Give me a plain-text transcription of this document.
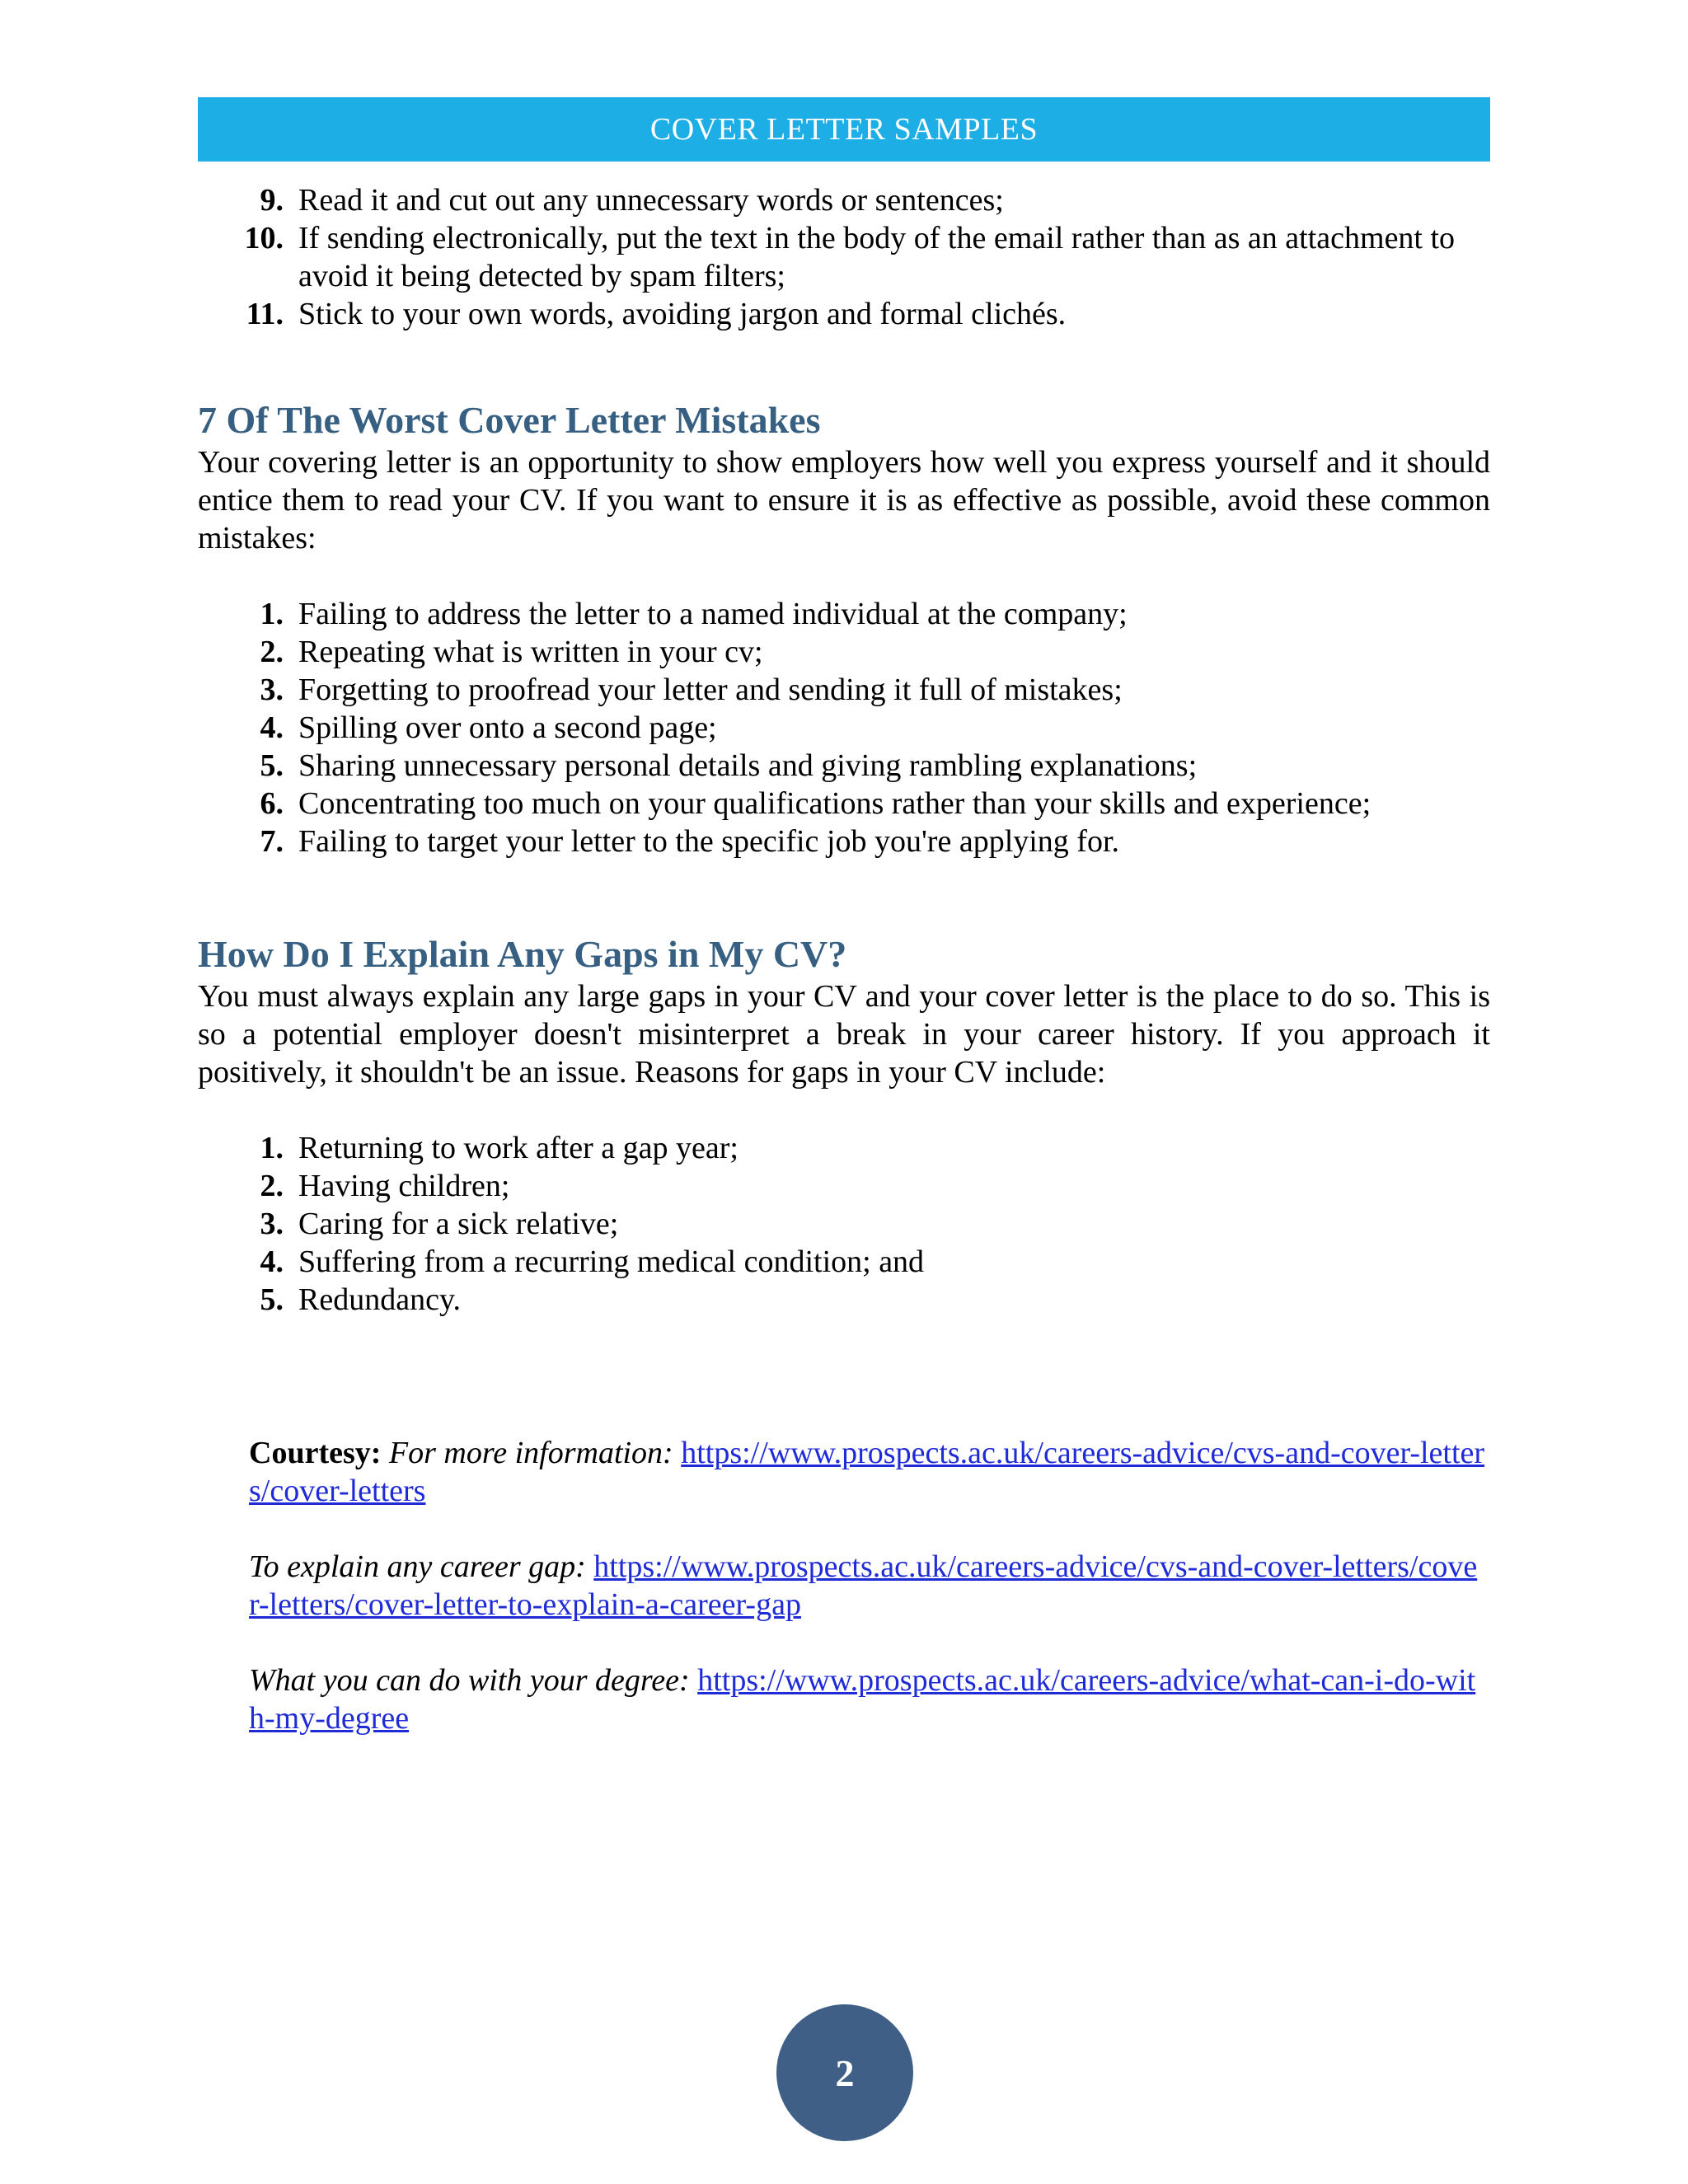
COVER LETTER SAMPLES
9. Read it and cut out any unnecessary words or sentences;
10. If sending electronically, put the text in the body of the email rather than as an attachment to avoid it being detected by spam filters;
11. Stick to your own words, avoiding jargon and formal clichés.
7 Of The Worst Cover Letter Mistakes

Your covering letter is an opportunity to show employers how well you express yourself and it should entice them to read your CV. If you want to ensure it is as effective as possible, avoid these common mistakes:

1. Failing to address the letter to a named individual at the company;
2. Repeating what is written in your cv;
3. Forgetting to proofread your letter and sending it full of mistakes;
4. Spilling over onto a second page;
5. Sharing unnecessary personal details and giving rambling explanations;
6. Concentrating too much on your qualifications rather than your skills and experience;
7. Failing to target your letter to the specific job you're applying for.
How Do I Explain Any Gaps in My CV?

You must always explain any large gaps in your CV and your cover letter is the place to do so. This is so a potential employer doesn't misinterpret a break in your career history. If you approach it positively, it shouldn't be an issue. Reasons for gaps in your CV include:

1. Returning to work after a gap year;
2. Having children;
3. Caring for a sick relative;
4. Suffering from a recurring medical condition; and
5. Redundancy.

Courtesy: For more information: https://www.prospects.ac.uk/careers-advice/cvs-and-cover-letters/cover-letters

To explain any career gap: https://www.prospects.ac.uk/careers-advice/cvs-and-cover-letters/cover-letters/cover-letter-to-explain-a-career-gap

What you can do with your degree: https://www.prospects.ac.uk/careers-advice/what-can-i-do-with-my-degree

2
